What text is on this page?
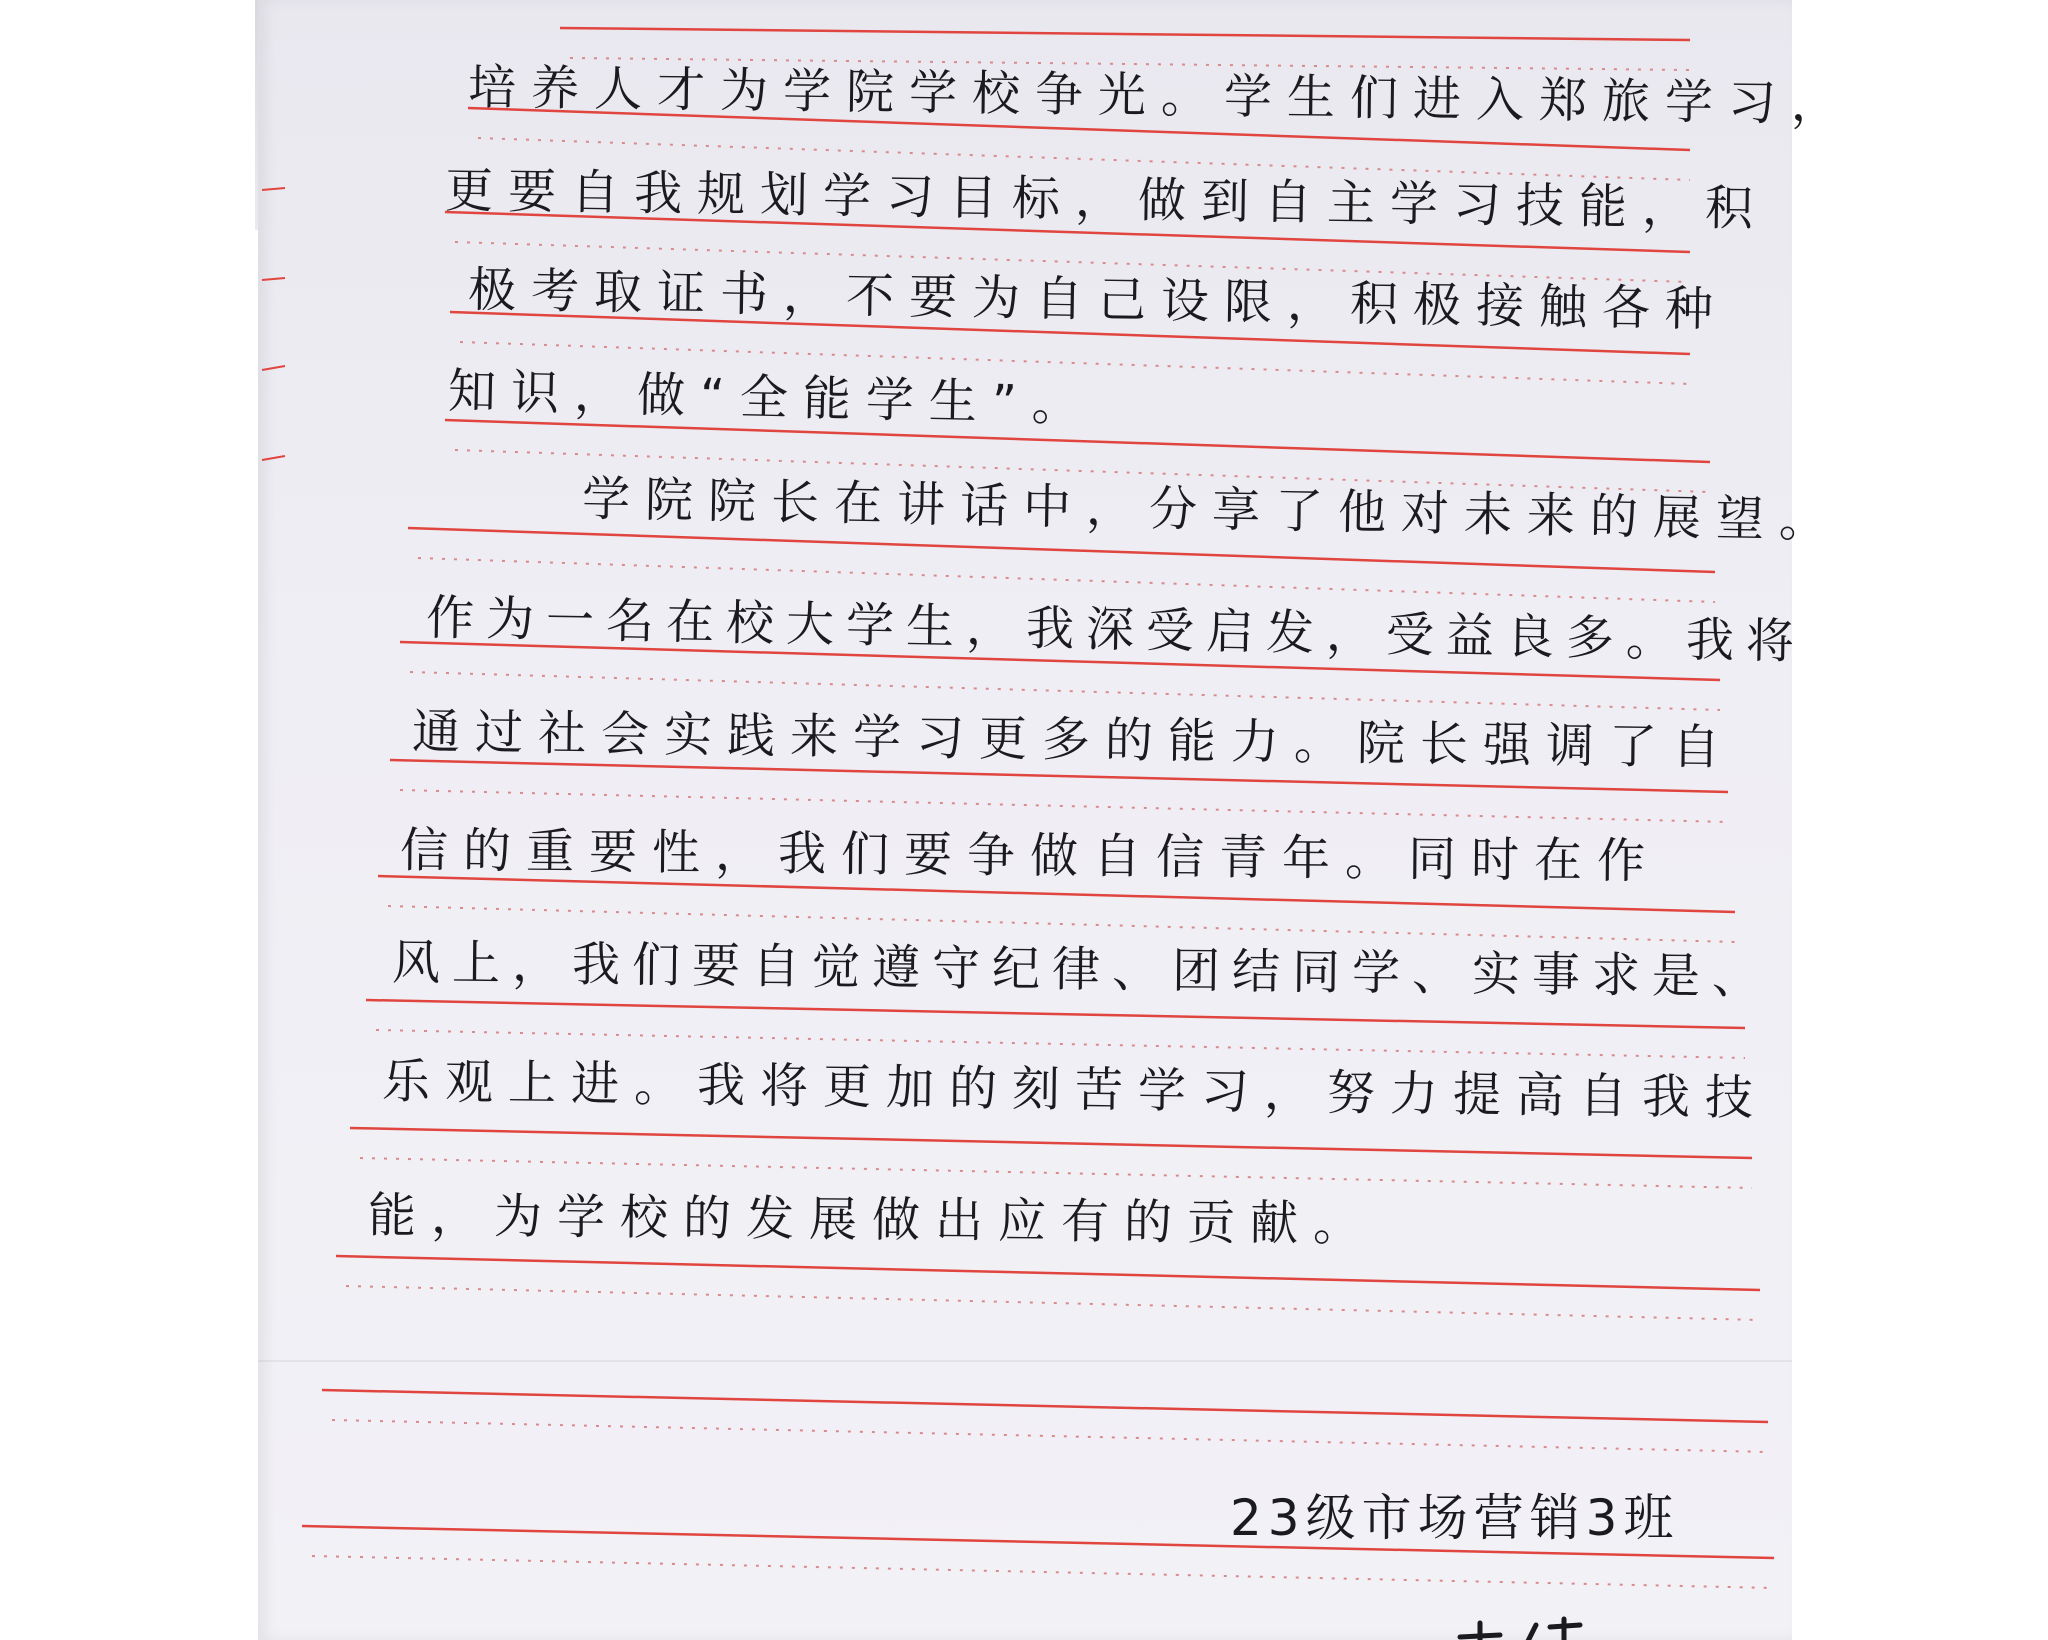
培养人才为学院学校争光。学生们进入郑旅学习，
更要自我规划学习目标，做到自主学习技能，积
极考取证书，不要为自己设限，积极接触各种
知识，做“全能学生”。
学院院长在讲话中，分享了他对未来的展望。
作为一名在校大学生，我深受启发，受益良多。我将
通过社会实践来学习更多的能力。院长强调了自
信的重要性，我们要争做自信青年。同时在作
风上，我们要自觉遵守纪律、团结同学、实事求是、
乐观上进。我将更加的刻苦学习，努力提高自我技
能，为学校的发展做出应有的贡献。
23级市场营销3班
